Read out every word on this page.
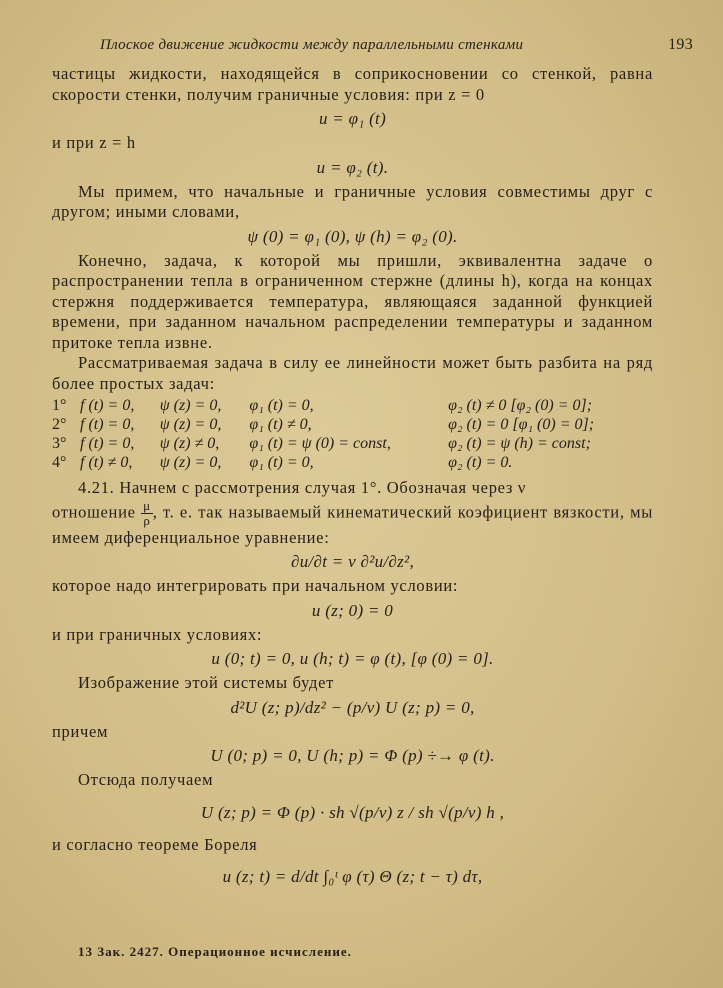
Плоское движение жидкости между параллельными стенками	193

частицы жидкости, находящейся в соприкосновении со стенкой, равна скорости стенки, получим граничные условия: при z = 0

u = φ₁ (t)

и при z = h

u = φ₂ (t).

Мы примем, что начальные и граничные условия совместимы друг с другом; иными словами,

ψ (0) = φ₁ (0), ψ (h) = φ₂ (0).

Конечно, задача, к которой мы пришли, эквивалентна задаче о распространении тепла в ограниченном стержне (длины h), когда на концах стержня поддерживается температура, являющаяся заданной функцией времени, при заданном начальном распределении температуры и заданном притоке тепла извне.

Рассматриваемая задача в силу ее линейности может быть разбита на ряд более простых задач:

1°	f (t) = 0,	ψ (z) = 0,	φ₁ (t) = 0,	φ₂ (t) ≠ 0 [φ₂ (0) = 0];
2°	f (t) = 0,	ψ (z) = 0,	φ₁ (t) ≠ 0,	φ₂ (t) = 0 [φ₁ (0) = 0];
3°	f (t) = 0,	ψ (z) ≠ 0,	φ₁ (t) = ψ (0) = const,	φ₂ (t) = ψ (h) = const;
4°	f (t) ≠ 0,	ψ (z) = 0,	φ₁ (t) = 0,	φ₂ (t) = 0.

4.21. Начнем с рассмотрения случая 1°. Обозначая через ν

отношение $\frac{\mu}{\rho}$ , т. е. так называемый кинематический коэфициент вязкости, мы имеем диференциальное уравнение:

∂u/∂t = ν ∂²u/∂z²,

которое надо интегрировать при начальном условии:

u (z; 0) = 0

и при граничных условиях:

u (0; t) = 0, u (h; t) = φ (t), [φ (0) = 0].

Изображение этой системы будет

d²U (z; p)/dz² − (p/ν) U (z; p) = 0,

причем

U (0; p) = 0, U (h; p) = Φ (p) ÷→ φ (t).

Отсюда получаем

U (z; p) = Φ (p) · sh √(p/ν) z / sh √(p/ν) h ,

и согласно теореме Бореля

u (z; t) = d/dt ∫₀ᵗ φ (τ) Θ (z; t − τ) dτ,
13 Зак. 2427. Операционное исчисление.
